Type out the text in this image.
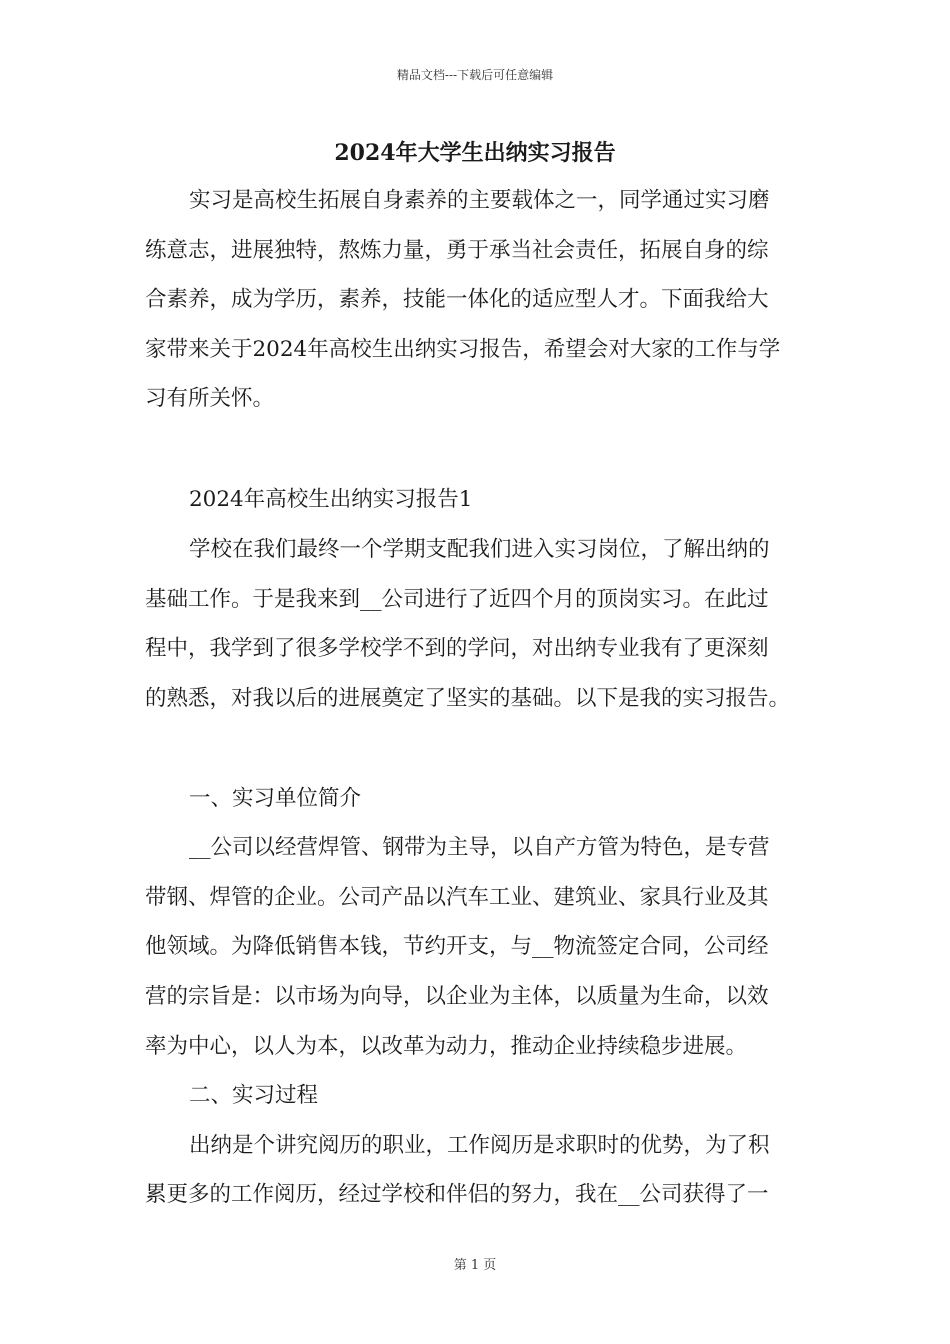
精品文档---下载后可任意编辑
2024年大学生出纳实习报告
实习是高校生拓展自身素养的主要载体之一，同学通过实习磨
练意志，进展独特，熬炼力量，勇于承当社会责任，拓展自身的综
合素养，成为学历，素养，技能一体化的适应型人才。下面我给大
家带来关于2024年高校生出纳实习报告，希望会对大家的工作与学
习有所关怀。
2024年高校生出纳实习报告1
学校在我们最终一个学期支配我们进入实习岗位，了解出纳的
基础工作。于是我来到__公司进行了近四个月的顶岗实习。在此过
程中，我学到了很多学校学不到的学问，对出纳专业我有了更深刻
的熟悉，对我以后的进展奠定了坚实的基础。以下是我的实习报告。
一、实习单位简介
__公司以经营焊管、钢带为主导，以自产方管为特色，是专营
带钢、焊管的企业。公司产品以汽车工业、建筑业、家具行业及其
他领域。为降低销售本钱，节约开支，与__物流签定合同，公司经
营的宗旨是：以市场为向导，以企业为主体，以质量为生命，以效
率为中心，以人为本，以改革为动力，推动企业持续稳步进展。
二、实习过程
出纳是个讲究阅历的职业，工作阅历是求职时的优势，为了积
累更多的工作阅历，经过学校和伴侣的努力，我在__公司获得了一
第 1 页
